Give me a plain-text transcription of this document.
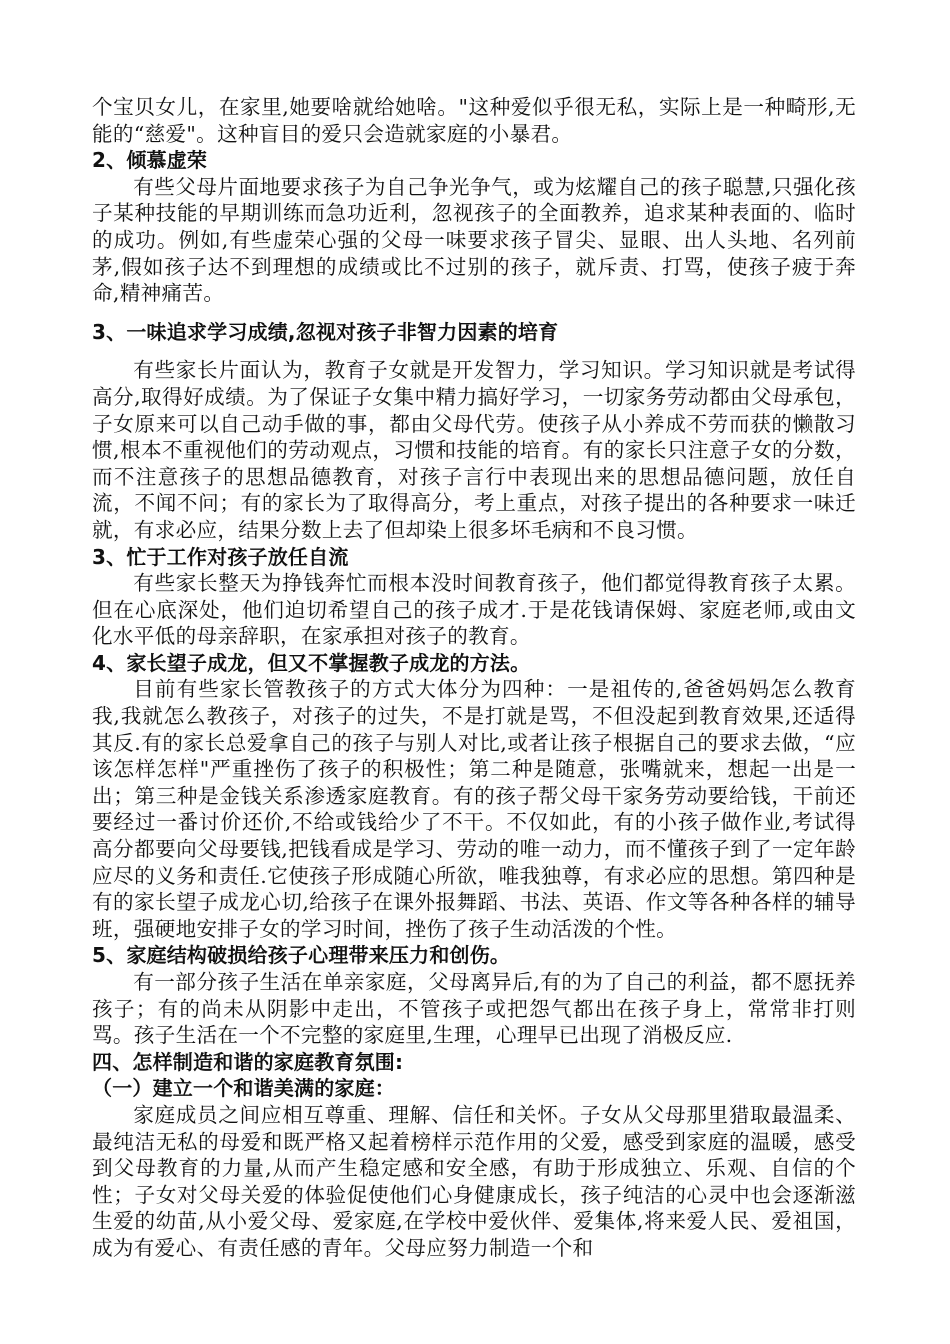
个宝贝女儿，在家里,她要啥就给她啥。"这种爱似乎很无私，实际上是一种畸形,无能的“慈爱"。这种盲目的爱只会造就家庭的小暴君。

2、倾慕虚荣

有些父母片面地要求孩子为自己争光争气，或为炫耀自己的孩子聪慧,只强化孩子某种技能的早期训练而急功近利，忽视孩子的全面教养，追求某种表面的、临时的成功。例如,有些虚荣心强的父母一味要求孩子冒尖、显眼、出人头地、名列前茅,假如孩子达不到理想的成绩或比不过别的孩子，就斥责、打骂，使孩子疲于奔命,精神痛苦。

3、一味追求学习成绩,忽视对孩子非智力因素的培育

有些家长片面认为，教育子女就是开发智力，学习知识。学习知识就是考试得高分,取得好成绩。为了保证子女集中精力搞好学习，一切家务劳动都由父母承包，子女原来可以自己动手做的事，都由父母代劳。使孩子从小养成不劳而获的懒散习惯,根本不重视他们的劳动观点，习惯和技能的培育。有的家长只注意子女的分数，而不注意孩子的思想品德教育，对孩子言行中表现出来的思想品德问题，放任自流，不闻不问；有的家长为了取得高分，考上重点，对孩子提出的各种要求一味迁就，有求必应，结果分数上去了但却染上很多坏毛病和不良习惯。

3、忙于工作对孩子放任自流

有些家长整天为挣钱奔忙而根本没时间教育孩子，他们都觉得教育孩子太累。但在心底深处，他们迫切希望自己的孩子成才.于是花钱请保姆、家庭老师,或由文化水平低的母亲辞职，在家承担对孩子的教育。

4、家长望子成龙，但又不掌握教子成龙的方法。

目前有些家长管教孩子的方式大体分为四种：一是祖传的,爸爸妈妈怎么教育我,我就怎么教孩子，对孩子的过失，不是打就是骂，不但没起到教育效果,还适得其反.有的家长总爱拿自己的孩子与别人对比,或者让孩子根据自己的要求去做，“应该怎样怎样"严重挫伤了孩子的积极性；第二种是随意，张嘴就来，想起一出是一出；第三种是金钱关系渗透家庭教育。有的孩子帮父母干家务劳动要给钱，干前还要经过一番讨价还价,不给或钱给少了不干。不仅如此，有的小孩子做作业,考试得高分都要向父母要钱,把钱看成是学习、劳动的唯一动力，而不懂孩子到了一定年龄应尽的义务和责任.它使孩子形成随心所欲，唯我独尊，有求必应的思想。第四种是有的家长望子成龙心切,给孩子在课外报舞蹈、书法、英语、作文等各种各样的辅导班，强硬地安排子女的学习时间，挫伤了孩子生动活泼的个性。

5、家庭结构破损给孩子心理带来压力和创伤。

有一部分孩子生活在单亲家庭，父母离异后,有的为了自己的利益，都不愿抚养孩子；有的尚未从阴影中走出，不管孩子或把怨气都出在孩子身上，常常非打则骂。孩子生活在一个不完整的家庭里,生理，心理早已出现了消极反应.

四、怎样制造和谐的家庭教育氛围:

（一）建立一个和谐美满的家庭：

家庭成员之间应相互尊重、理解、信任和关怀。子女从父母那里猎取最温柔、最纯洁无私的母爱和既严格又起着榜样示范作用的父爱，感受到家庭的温暖，感受到父母教育的力量,从而产生稳定感和安全感，有助于形成独立、乐观、自信的个性；子女对父母关爱的体验促使他们心身健康成长，孩子纯洁的心灵中也会逐渐滋生爱的幼苗,从小爱父母、爱家庭,在学校中爱伙伴、爱集体,将来爱人民、爱祖国，成为有爱心、有责任感的青年。父母应努力制造一个和
